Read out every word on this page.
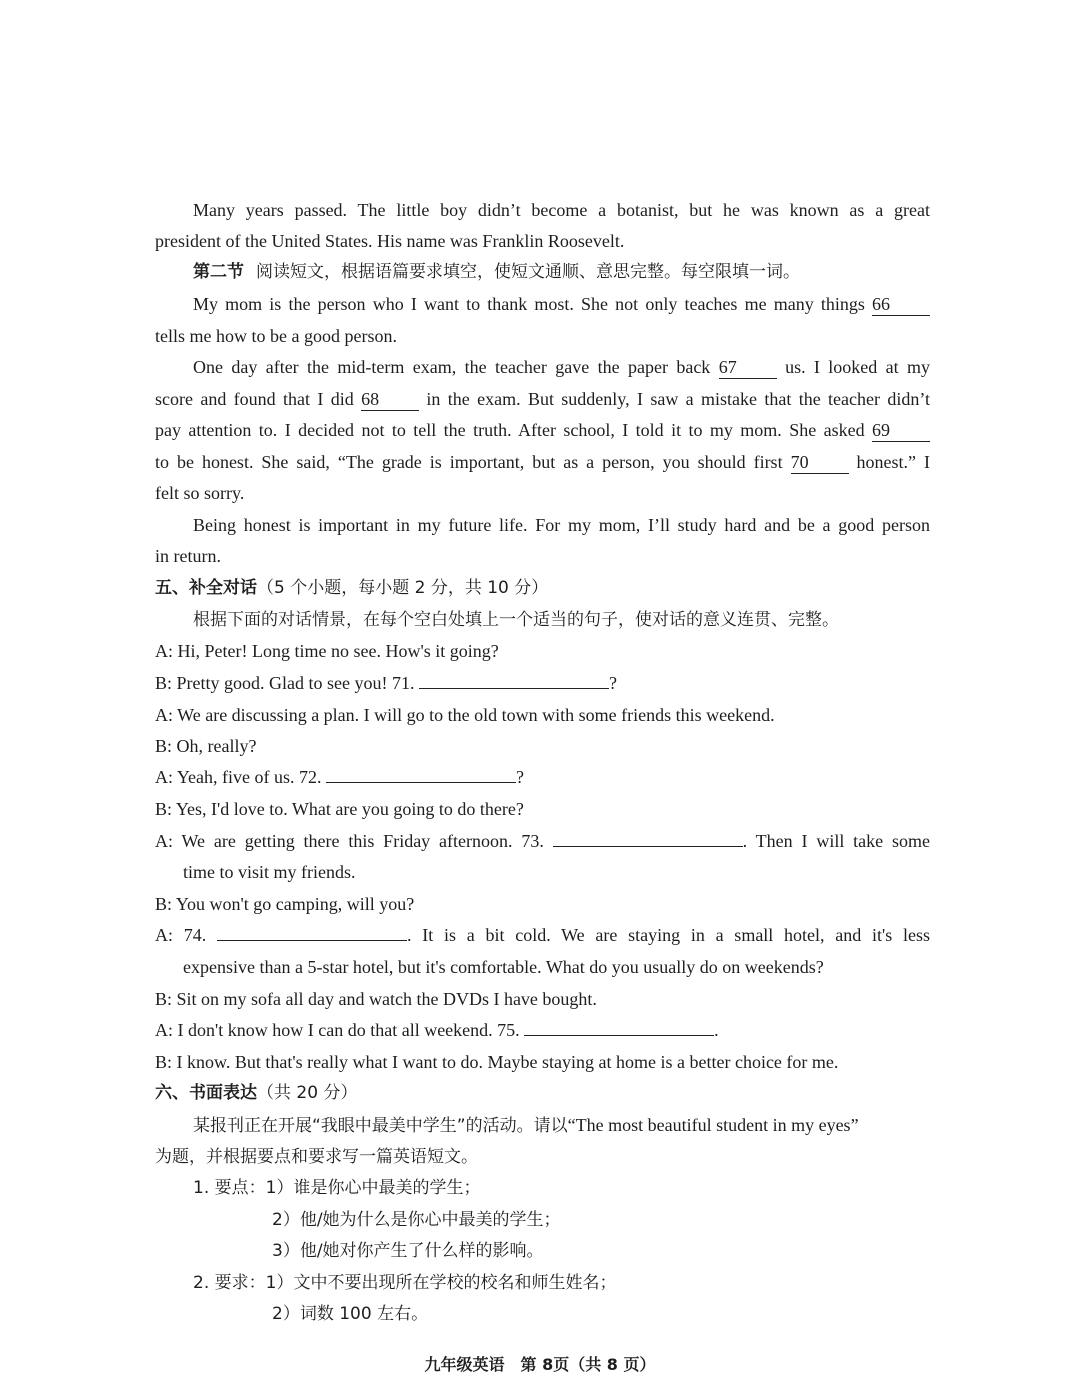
Many years passed. The little boy didn’t become a botanist, but he was known as a great
president of the United States. His name was Franklin Roosevelt.
第二节 阅读短文，根据语篇要求填空，使短文通顺、意思完整。每空限填一词。
My mom is the person who I want to thank most. She not only teaches me many things 66
tells me how to be a good person.
One day after the mid-term exam, the teacher gave the paper back 67	us. I looked at my
score and found that I did 68	in the exam. But suddenly, I saw a mistake that the teacher didn’t
pay attention to. I decided not to tell the truth. After school, I told it to my mom. She asked 69
to be honest. She said, “The grade is important, but as a person, you should first 70	honest.” I
felt so sorry.
Being honest is important in my future life. For my mom, I’ll study hard and be a good person
in return.
五、补全对话（5 个小题，每小题 2 分，共 10 分）
根据下面的对话情景，在每个空白处填上一个适当的句子，使对话的意义连贯、完整。
A: Hi, Peter! Long time no see. How's it going?
B: Pretty good. Glad to see you! 71.	?
A: We are discussing a plan. I will go to the old town with some friends this weekend.
B: Oh, really?
A: Yeah, five of us. 72.	?
B: Yes, I'd love to. What are you going to do there?
A: We are getting there this Friday afternoon. 73.	. Then I will take some
time to visit my friends.
B: You won't go camping, will you?
A: 74.	. It is a bit cold. We are staying in a small hotel, and it's less
expensive than a 5-star hotel, but it's comfortable. What do you usually do on weekends?
B: Sit on my sofa all day and watch the DVDs I have bought.
A: I don't know how I can do that all weekend. 75.	.
B: I know. But that's really what I want to do. Maybe staying at home is a better choice for me.
六、书面表达（共 20 分）
某报刊正在开展“我眼中最美中学生”的活动。请以“The most beautiful student in my eyes”
为题，并根据要点和要求写一篇英语短文。
1. 要点：1）谁是你心中最美的学生；
2）他/她为什么是你心中最美的学生；
3）他/她对你产生了什么样的影响。
2. 要求：1）文中不要出现所在学校的校名和师生姓名；
2）词数 100 左右。
九年级英语　第 8页（共 8 页）
